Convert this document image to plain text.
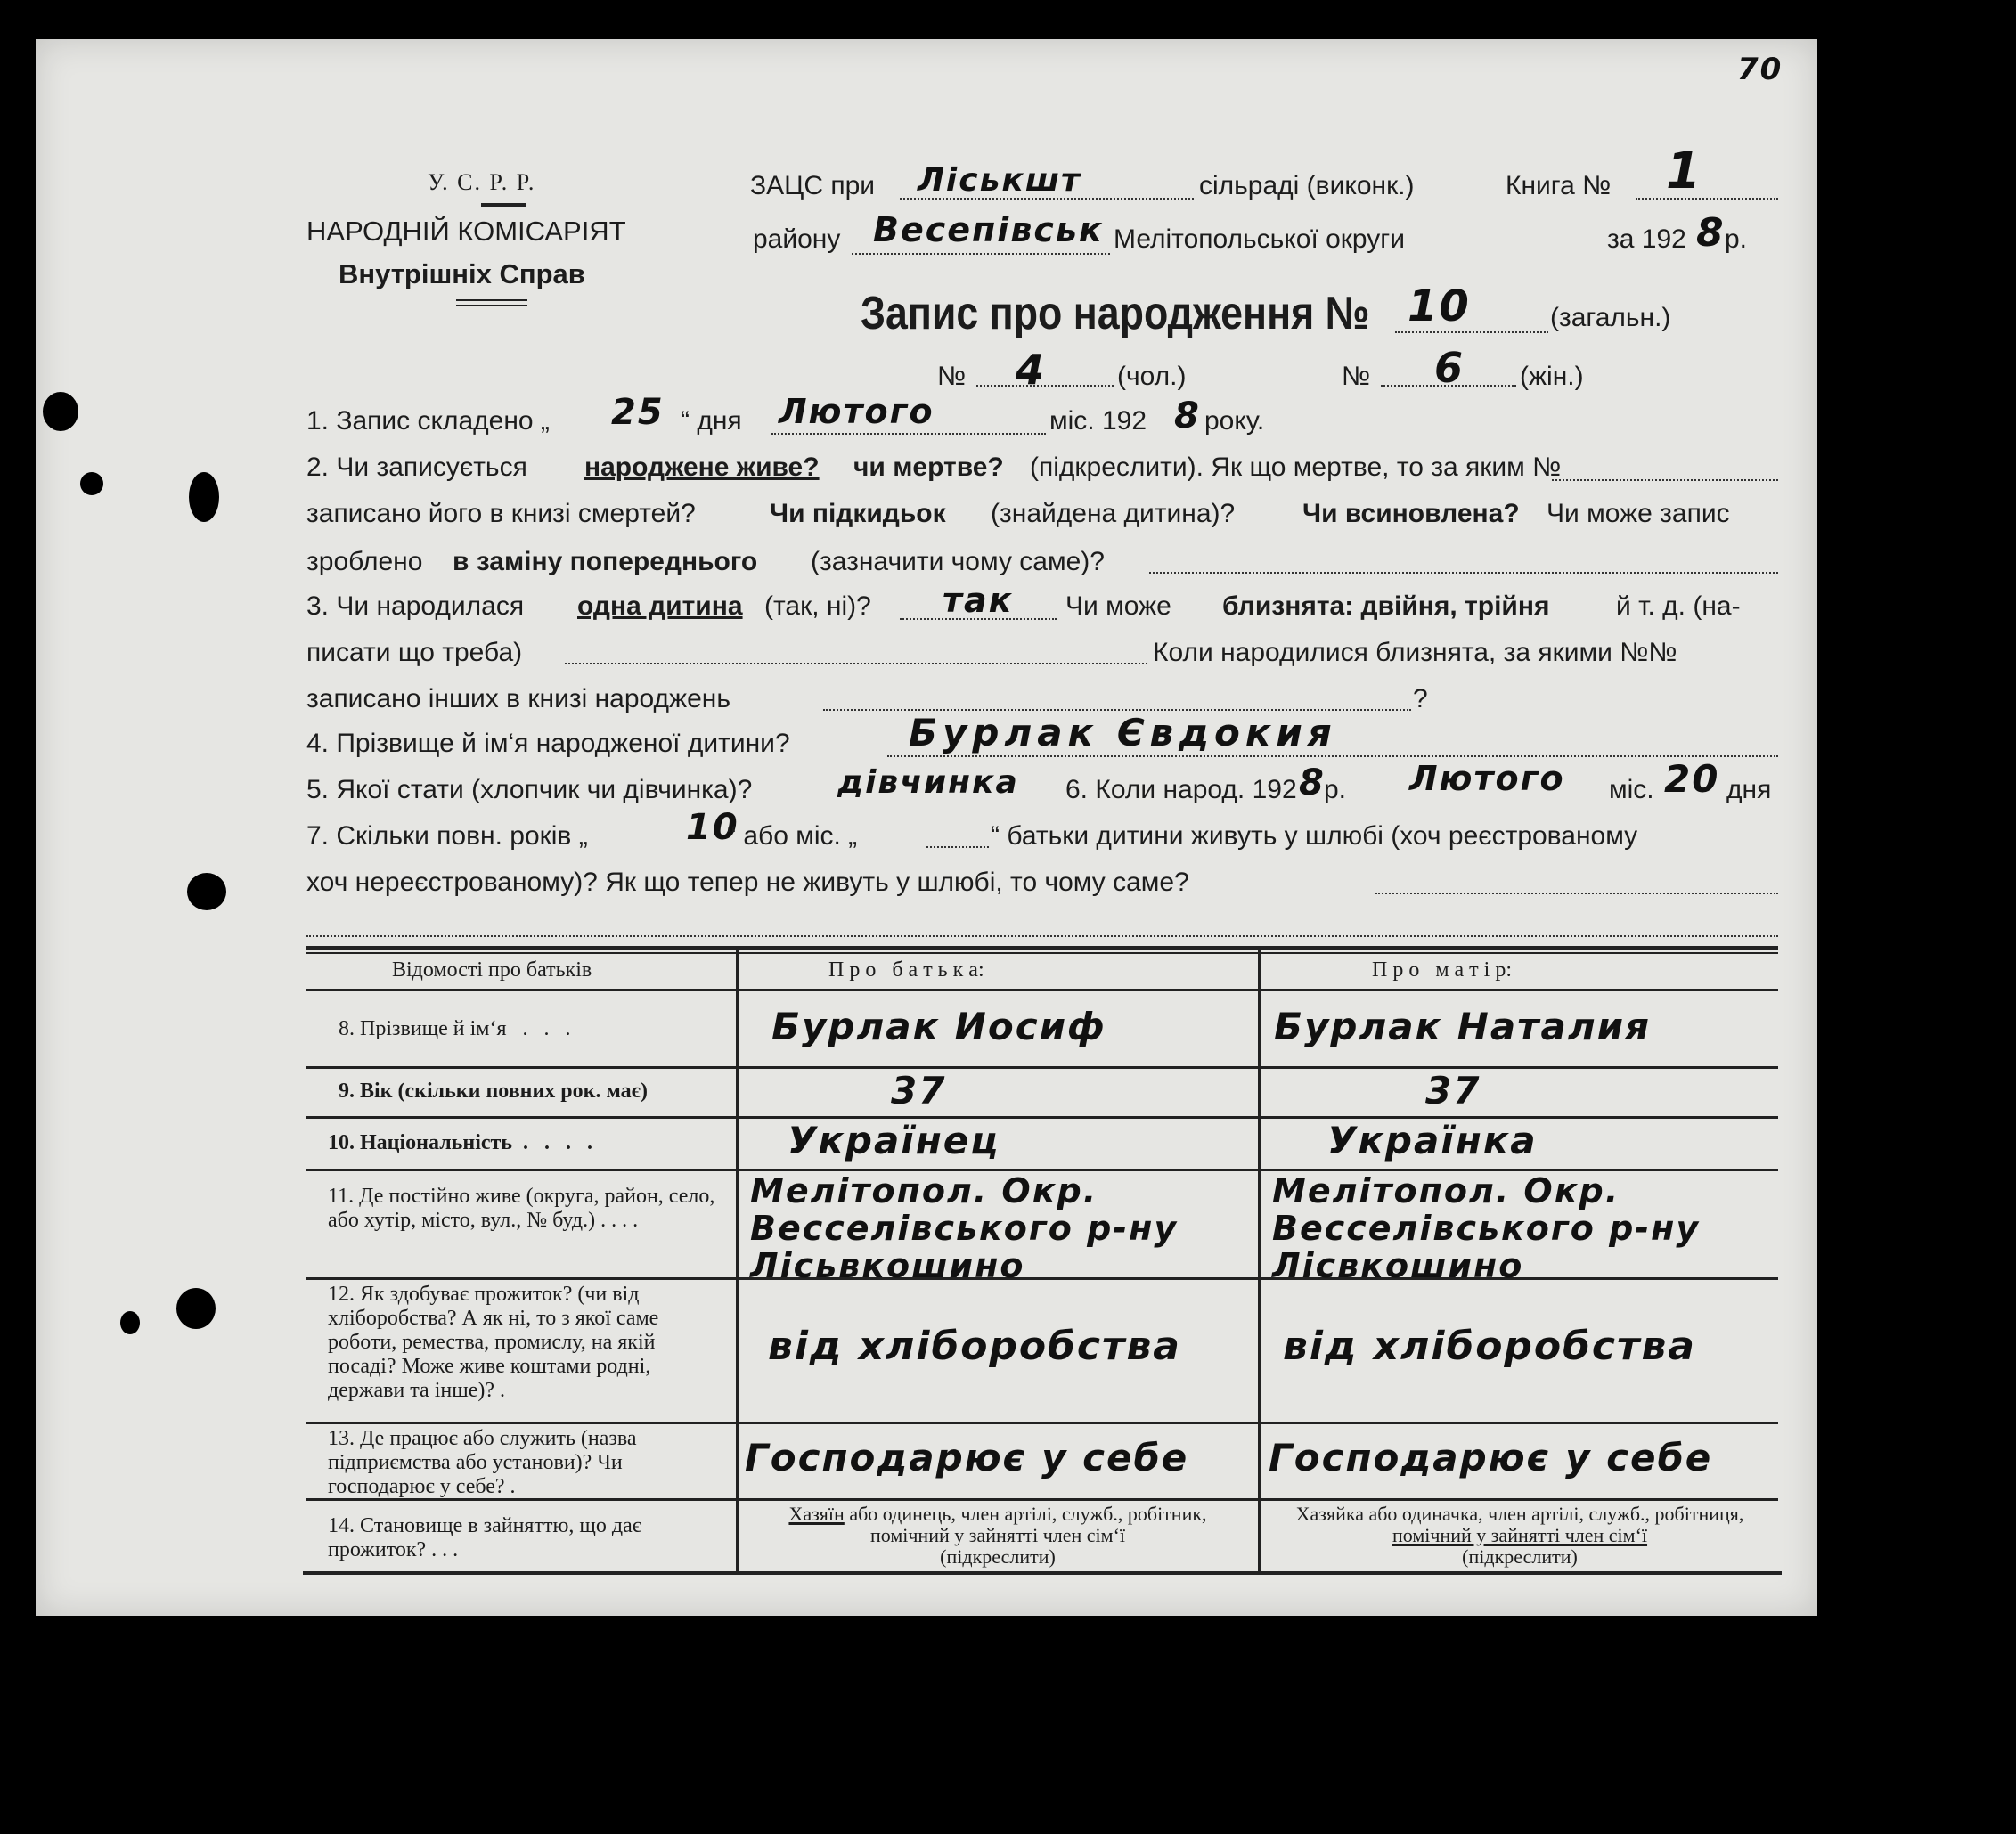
70
У. С. Р. Р.
НАРОДНІЙ КОМІСАРІЯТ
Внутрішніх Справ
ЗАЦС при Ліськшт	сільраді (виконк.)	Книга № 1
району Весепівськ Мелітопольської округи	за 192 8 р.
Запис про народження № 10	(загальн.)
№ 4	(чол.)	№ 6 (жін.)
1. Запис складено „ 25 “ дня Лютого	міс. 192 8 року.
2. Чи записується народжене живе? чи мертве? (підкреслити). Як що мертве, то за яким №
записано його в книзі смертей?	Чи підкидьок (знайдена дитина)?	Чи всиновлена? Чи може запис
зроблено в заміну попереднього (зазначити чому саме)?
3. Чи народилася одна дитина (так, ні)? так Чи може близнята: двійня, трійня й т. д. (на-
писати що треба)	Коли народилися близнята, за якими №№
записано інших в книзі народжень	?
4. Прізвище й ім‘я народженої дитини?	Бурлак Євдокия
5. Якої стати (хлопчик чи дівчинка)?	дівчинка 6. Коли народ. 192 8
р. Лютого міс. 20 дня
7. Скільки повн. років „	10
“ або міс. „	“ батьки дитини живуть у шлюбі (хоч реєстрованому
хоч нереєстрованому)? Як що тепер не живуть у шлюбі, то чому саме?
Відомості про батьків	П р о   б а т ь к а:	П р о   м а т і р:
8. Прізвище й ім‘я   .   .   .	Бурлак Иосиф	Бурлак Наталия
9. Вік (скільки повних рок. має)	37	37
10. Національність  .   .   .   .	Українец	Українка
11. Де постійно живе (округа, район, село, або хутір, місто, вул., № буд.) . . . .
Мелітопол. Окр. Весселівського р-ну Лісьвкошино
Мелітопол. Окр. Весселівського р-ну Лісвкошино
12. Як здобуває прожиток? (чи від хліборобства? А як ні, то з якої саме роботи, ремества, промислу, на якій посаді? Може живе коштами родні, держави та інше)? .
від хліборобства	від хліборобства
13. Де працює або служить (назва підприємства або установи)? Чи господарює у себе? .
Господарює у себе Господарює у себе
14. Становище в зайняттю, що дає прожиток? . . .
Хазяїн або одинець, член артілі, служб., робітник, помічний у зайнятті член сім‘ї
(підкреслити)
Хазяйка або одиначка, член артілі, служб., робітниця, помічний у зайнятті член сім‘ї
(підкреслити)
